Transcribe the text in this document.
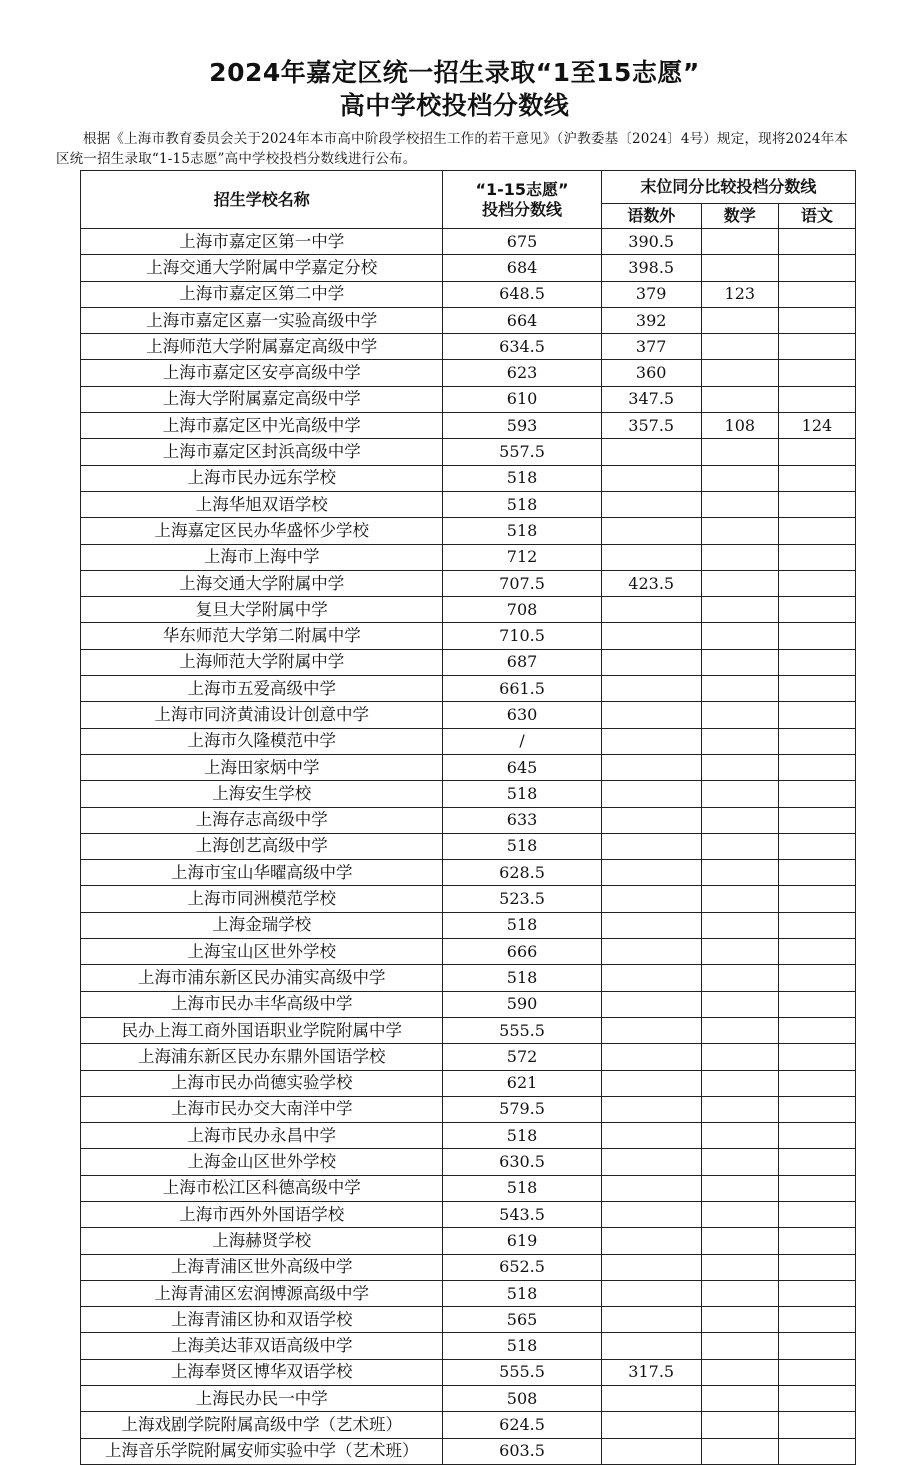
2024年嘉定区统一招生录取“1至15志愿”
高中学校投档分数线
根据《上海市教育委员会关于2024年本市高中阶段学校招生工作的若干意见》（沪教委基〔2024〕4号）规定，现将2024年本区统一招生录取“1-15志愿”高中学校投档分数线进行公布。
招生学校名称	“1-15志愿”
投档分数线	末位同分比较投档分数线		
		语数外	数学	语文
上海市嘉定区第一中学	675	390.5		
上海交通大学附属中学嘉定分校	684	398.5		
上海市嘉定区第二中学	648.5	379	123	
上海市嘉定区嘉一实验高级中学	664	392		
上海师范大学附属嘉定高级中学	634.5	377		
上海市嘉定区安亭高级中学	623	360		
上海大学附属嘉定高级中学	610	347.5		
上海市嘉定区中光高级中学	593	357.5	108	124
上海市嘉定区封浜高级中学	557.5			
上海市民办远东学校	518			
上海华旭双语学校	518			
上海嘉定区民办华盛怀少学校	518			
上海市上海中学	712			
上海交通大学附属中学	707.5	423.5		
复旦大学附属中学	708			
华东师范大学第二附属中学	710.5			
上海师范大学附属中学	687			
上海市五爱高级中学	661.5			
上海市同济黄浦设计创意中学	630			
上海市久隆模范中学	/			
上海田家炳中学	645			
上海安生学校	518			
上海存志高级中学	633			
上海创艺高级中学	518			
上海市宝山华曜高级中学	628.5			
上海市同洲模范学校	523.5			
上海金瑞学校	518			
上海宝山区世外学校	666			
上海市浦东新区民办浦实高级中学	518			
上海市民办丰华高级中学	590			
民办上海工商外国语职业学院附属中学	555.5			
上海浦东新区民办东鼎外国语学校	572			
上海市民办尚德实验学校	621			
上海市民办交大南洋中学	579.5			
上海市民办永昌中学	518			
上海金山区世外学校	630.5			
上海市松江区科德高级中学	518			
上海市西外外国语学校	543.5			
上海赫贤学校	619			
上海青浦区世外高级中学	652.5			
上海青浦区宏润博源高级中学	518			
上海青浦区协和双语学校	565			
上海美达菲双语高级中学	518			
上海奉贤区博华双语学校	555.5	317.5		
上海民办民一中学	508			
上海戏剧学院附属高级中学（艺术班）	624.5			
上海音乐学院附属安师实验中学（艺术班）	603.5			
